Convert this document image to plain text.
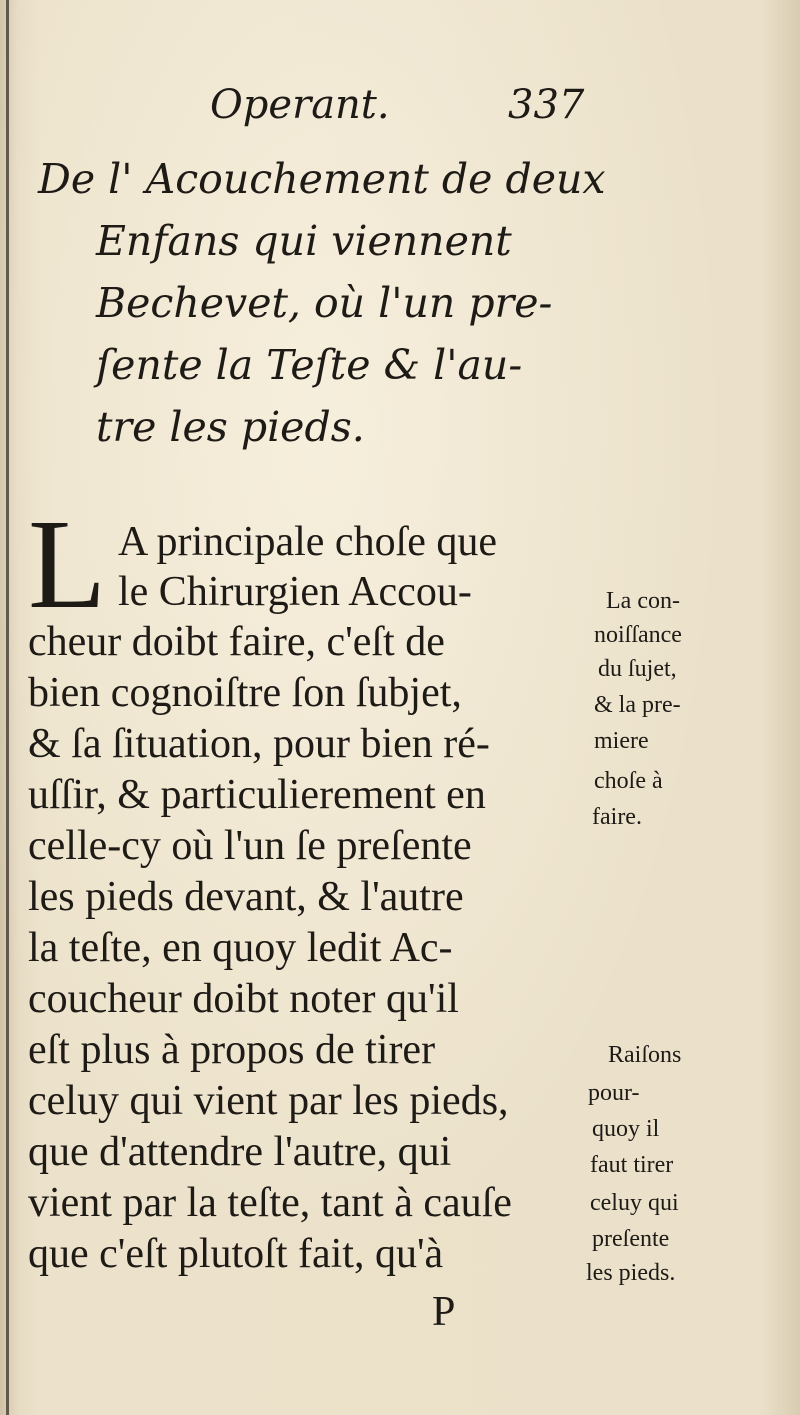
Operant.	337
De l' Acouchement de deux
Enfans qui viennent
Bechevet, où l'un pre-
ſente la Teſte & l'au-
tre les pieds.
L A principale choſe que
le Chirurgien Accou-
cheur doibt faire, c'eſt de
bien cognoiſtre ſon ſubjet,
& ſa ſituation, pour bien ré-
uſſir, & particulierement en
celle-cy où l'un ſe preſente
les pieds devant, & l'autre
la teſte, en quoy ledit Ac-
coucheur doibt noter qu'il
eſt plus à propos de tirer
celuy qui vient par les pieds,
que d'attendre l'autre, qui
vient par la teſte, tant à cauſe
que c'eſt plutoſt fait, qu'à
La con-
noiſſance
du ſujet,
& la pre-
miere
choſe à
faire.
Raiſons
pour-
quoy il
faut tirer
celuy qui
preſente
les pieds.
P
